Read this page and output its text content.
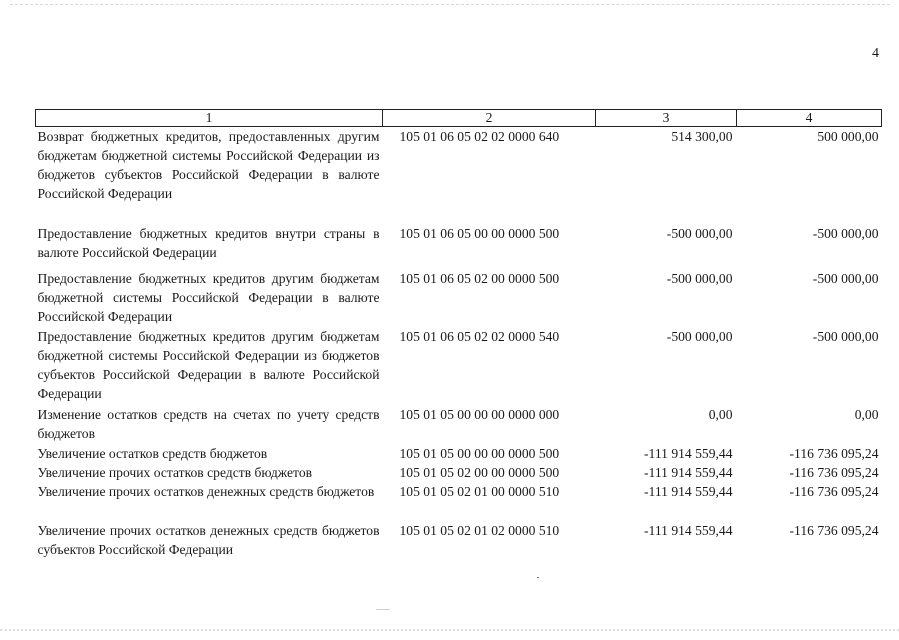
4
1	2	3	4
Возврат бюджетных кредитов, предоставленных другим бюджетам бюджетной системы Российской Федерации из бюджетов субъектов Российской Федерации в валюте Российской Федерации	105 01 06 05 02 02 0000 640	514 300,00	500 000,00
Предоставление бюджетных кредитов внутри страны в валюте Российской Федерации	105 01 06 05 00 00 0000 500	-500 000,00	-500 000,00
Предоставление бюджетных кредитов другим бюджетам бюджетной системы Российской Федерации в валюте Российской Федерации	105 01 06 05 02 00 0000 500	-500 000,00	-500 000,00
Предоставление бюджетных кредитов другим бюджетам бюджетной системы Российской Федерации из бюджетов субъектов Российской Федерации в валюте Российской Федерации	105 01 06 05 02 02 0000 540	-500 000,00	-500 000,00
Изменение остатков средств на счетах по учету средств бюджетов	105 01 05 00 00 00 0000 000	0,00	0,00
Увеличение остатков средств бюджетов	105 01 05 00 00 00 0000 500	-111 914 559,44	-116 736 095,24
Увеличение прочих остатков средств бюджетов	105 01 05 02 00 00 0000 500	-111 914 559,44	-116 736 095,24
Увеличение прочих остатков денежных средств бюджетов	105 01 05 02 01 00 0000 510	-111 914 559,44	-116 736 095,24
Увеличение прочих остатков денежных средств бюджетов субъектов Российской Федерации	105 01 05 02 01 02 0000 510	-111 914 559,44	-116 736 095,24
